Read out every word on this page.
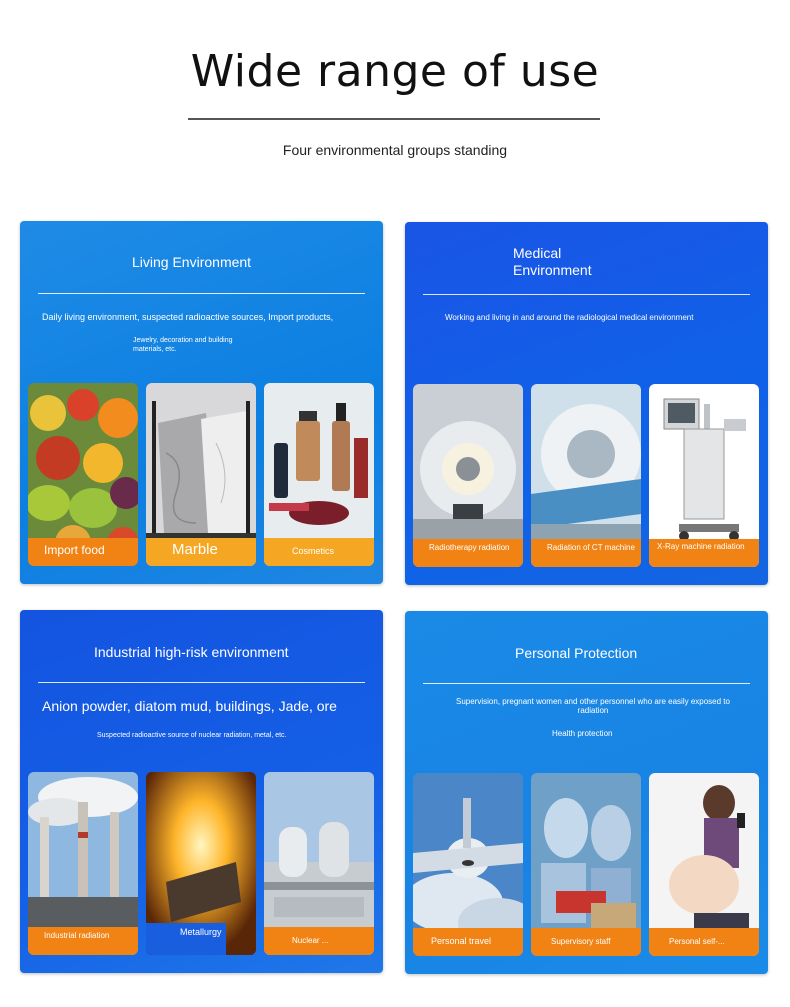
Wide range of use
Four environmental groups standing
Living Environment
Daily living environment, suspected radioactive sources, Import products,
Jewelry, decoration and building materials, etc.
Import food	Marble	Cosmetics
Medical Environment
Working and living in and around the radiological medical environment
Radiotherapy radiation	Radiation of CT machine	X-Ray machine radiation
Industrial high-risk environment
Anion powder, diatom mud, buildings, Jade, ore
Suspected radioactive source of nuclear radiation, metal, etc.
Industrial radiation	Metallurgy
Nuclear ...
Personal Protection
Supervision, pregnant women and other personnel who are easily exposed to radiation
Health protection
Personal travel	Supervisory staff	Personal self-...
